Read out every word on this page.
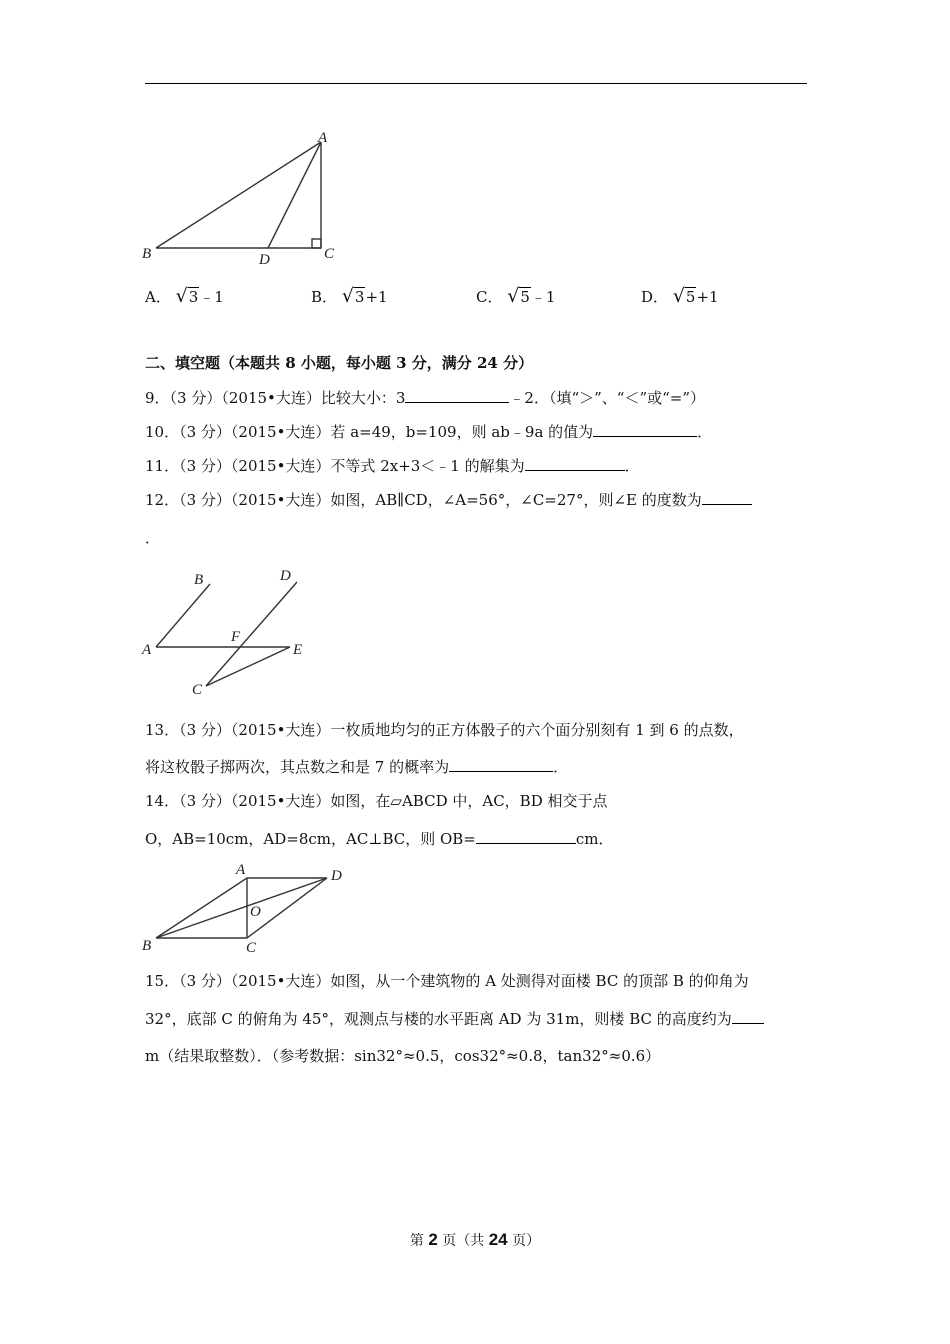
A
B	C
D
A． √3﹣1	B． √3+1	C． √5﹣1	D． √5+1
二、填空题（本题共 8 小题，每小题 3 分，满分 24 分）
9．（3 分）（2015•大连）比较大小：3	﹣2．（填“＞”、“＜”或“=”）
10．（3 分）（2015•大连）若 a=49，b=109，则 ab﹣9a 的值为	．
11．（3 分）（2015•大连）不等式 2x+3＜﹣1 的解集为	．
12．（3 分）（2015•大连）如图，AB∥CD，∠A=56°，∠C=27°，则∠E 的度数为
．
B	D
A
F
E
C
13．（3 分）（2015•大连）一枚质地均匀的正方体骰子的六个面分别刻有 1 到 6 的点数，
将这枚骰子掷两次，其点数之和是 7 的概率为	．
14．（3 分）（2015•大连）如图，在▱ABCD 中，AC，BD 相交于点
O，AB=10cm，AD=8cm，AC⊥BC，则 OB=	cm．
A	D
O
B	C
15．（3 分）（2015•大连）如图，从一个建筑物的 A 处测得对面楼 BC 的顶部 B 的仰角为
32°，底部 C 的俯角为 45°，观测点与楼的水平距离 AD 为 31m，则楼 BC 的高度约为
m（结果取整数）．（参考数据：sin32°≈0.5，cos32°≈0.8，tan32°≈0.6）
第 2 页（共 24 页）
